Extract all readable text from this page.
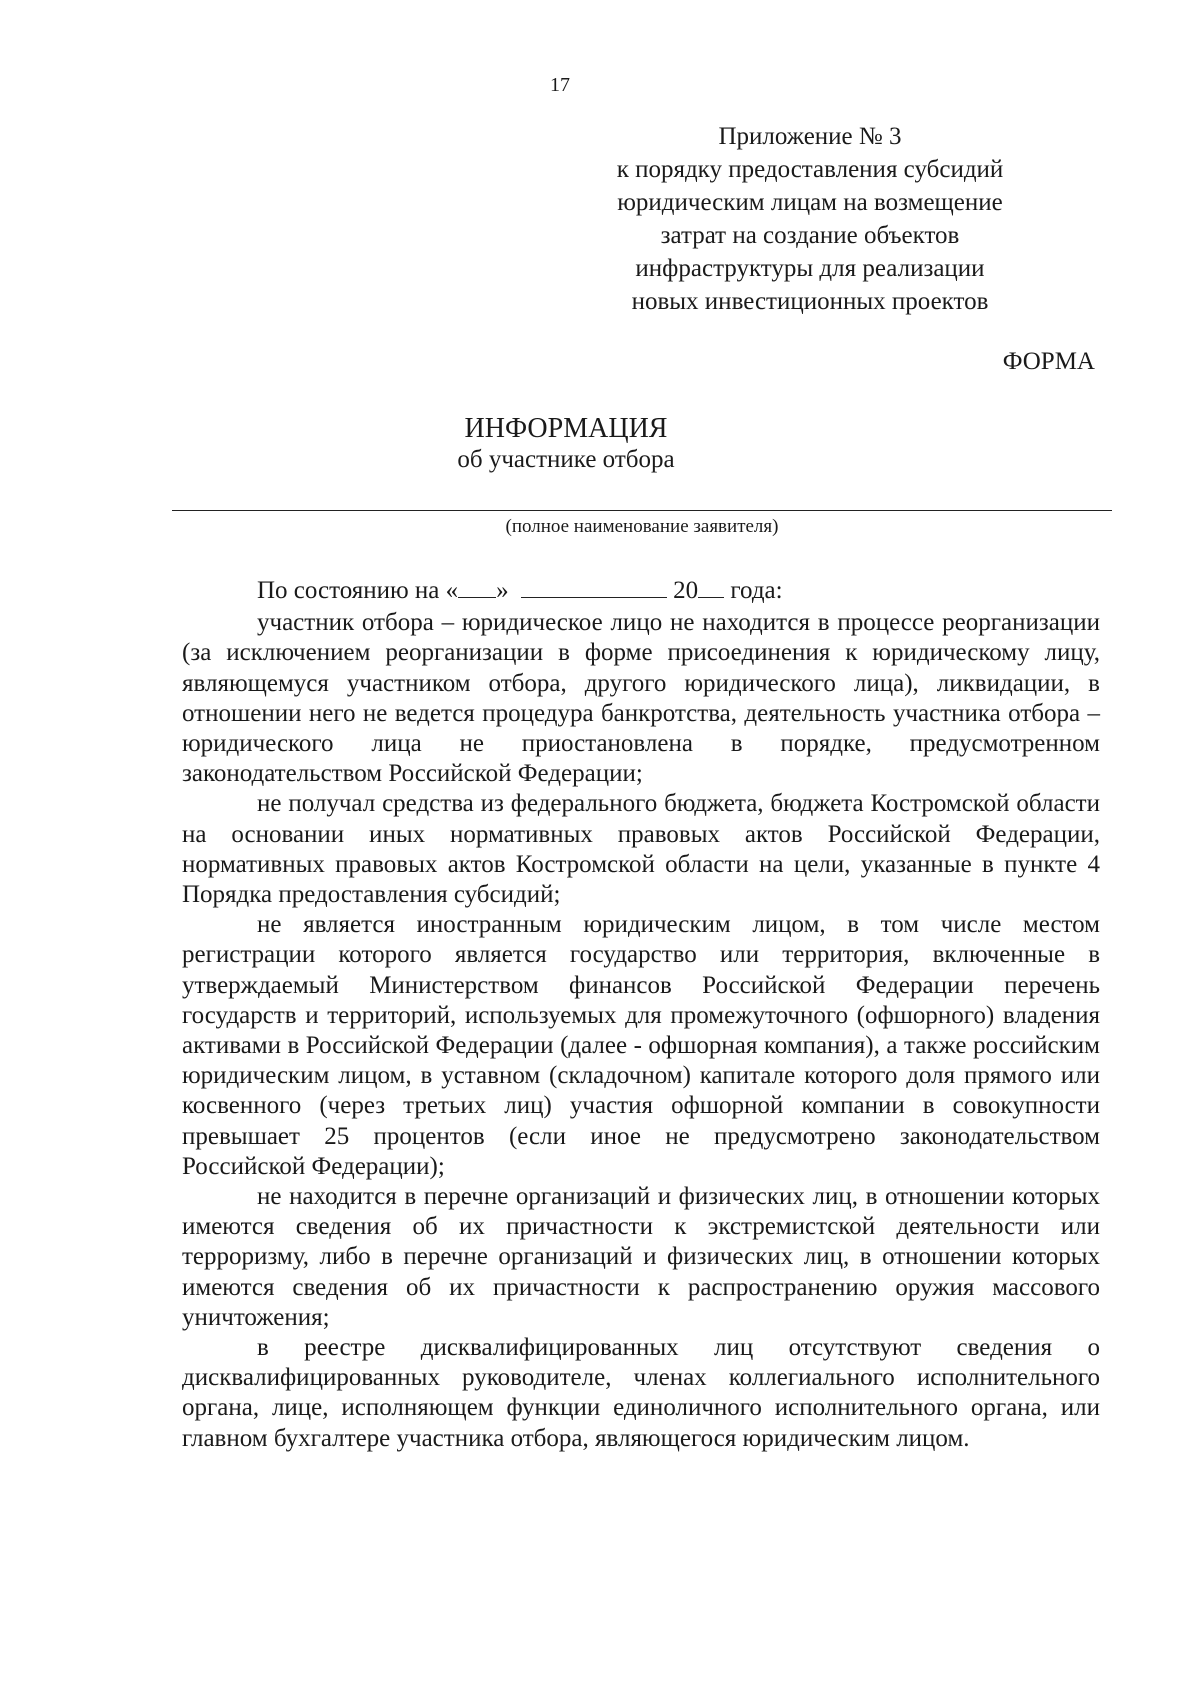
17
Приложение № 3
к порядку предоставления субсидий
юридическим лицам на возмещение
затрат на создание объектов
инфраструктуры для реализации
новых инвестиционных проектов
ФОРМА
ИНФОРМАЦИЯ
об участнике отбора
(полное наименование заявителя)
По состоянию на « »	20 года:

участник отбора – юридическое лицо не находится в процессе реорганизации (за исключением реорганизации в форме присоединения к юридическому лицу, являющемуся участником отбора, другого юридического лица), ликвидации, в отношении него не ведется процедура банкротства, деятельность участника отбора – юридического лица не приостановлена в порядке, предусмотренном законодательством Российской Федерации;

не получал средства из федерального бюджета, бюджета Костромской области на основании иных нормативных правовых актов Российской Федерации, нормативных правовых актов Костромской области на цели, указанные в пункте 4 Порядка предоставления субсидий;

не является иностранным юридическим лицом, в том числе местом регистрации которого является государство или территория, включенные в утверждаемый Министерством финансов Российской Федерации перечень государств и территорий, используемых для промежуточного (офшорного) владения активами в Российской Федерации (далее - офшорная компания), а также российским юридическим лицом, в уставном (складочном) капитале которого доля прямого или косвенного (через третьих лиц) участия офшорной компании в совокупности превышает 25 процентов (если иное не предусмотрено законодательством Российской Федерации);

не находится в перечне организаций и физических лиц, в отношении которых имеются сведения об их причастности к экстремистской деятельности или терроризму, либо в перечне организаций и физических лиц, в отношении которых имеются сведения об их причастности к распространению оружия массового уничтожения;

в реестре дисквалифицированных лиц отсутствуют сведения о дисквалифицированных руководителе, членах коллегиального исполнительного органа, лице, исполняющем функции единоличного исполнительного органа, или главном бухгалтере участника отбора, являющегося юридическим лицом.
